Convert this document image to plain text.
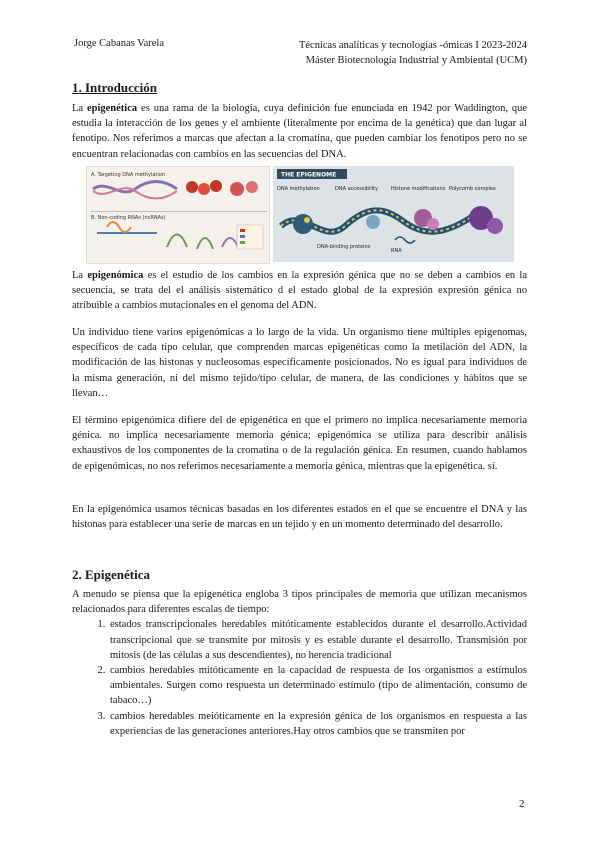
Jorge Cabanas Varela	Técnicas analíticas y tecnologías -ómicas I 2023-2024
Máster Biotecnología Industrial y Ambiental (UCM)
1. Introducción

La epigenética es una rama de la biología, cuya definición fue enunciada en 1942 por Waddington, que estudia la interacción de los genes y el ambiente (literalmente por encima de la genética) que dan lugar al fenotipo. Nos referimos a marcas que afectan a la cromatina, que pueden cambiar los fenotipos pero no se encuentran relacionadas con cambios en las secuencias del DNA.

A. Targeting DNA methylation
B. Non-coding RNAs (ncRNAs)
THE EPIGENOME
DNA methylation	DNA accessibility	Histone modifications Polycomb complex
DNA-binding proteins
RNA

La epigenómica es el estudio de los cambios en la expresión génica que no se deben a cambios en la secuencia, se trata del el análisis sistemático d el estado global de la expresión expresión génica no atribuible a cambios mutacionales en el genoma del ADN.

Un individuo tiene varios epigenómicas a lo largo de la vida. Un organismo tiene múltiples epigenomas, específicos de cada tipo celular, que comprenden marcas epigenéticas como la metilación del ADN, la modificación de las histonas y nucleosomas específicamente posicionados. No es igual para individuos de la misma generación, ni del mismo tejido/tipo celular, de manera, de las condiciones y hábitos que se llevan…

El término epigenómica difiere del de epigenética en que el primero no implica necesariamente memoria génica. no implica necesariamente memoria génica; epigenómica se utiliza para describir análisis exhaustivos de los componentes de la cromatina o de la regulación génica. En resumen, cuando hablamos de epigenómicas, no nos referimos necesariamente a memoria génica, mientras que la epigenética. sí.

En la epigenómica usamos técnicas basadas en los diferentes estados en el que se encuentre el DNA y las histonas para establecer una serie de marcas en un tejido y en un momento determinado del desarrollo.

2. Epigenética

A menudo se piensa que la epigenética engloba 3 tipos principales de memoria que utilizan mecanismos relacionados para diferentes escalas de tiempo:

1. estados transcripcionales heredables mitóticamente establecidos durante el desarrollo.Actividad transcripcional que se transmite por mitosis y es estable durante el desarrollo. Transmisión por mitosis (de las células a sus descendientes), no herencia tradicional
2. cambios heredables mitóticamente en la capacidad de respuesta de los organismos a estímulos ambientales. Surgen como respuesta un determinado estímulo (tipo de alimentación, consumo de tabaco…)
3. cambios heredables meióticamente en la expresión génica de los organismos en respuesta a las experiencias de las generaciones anteriores.Hay otros cambios que se transmiten por
2
